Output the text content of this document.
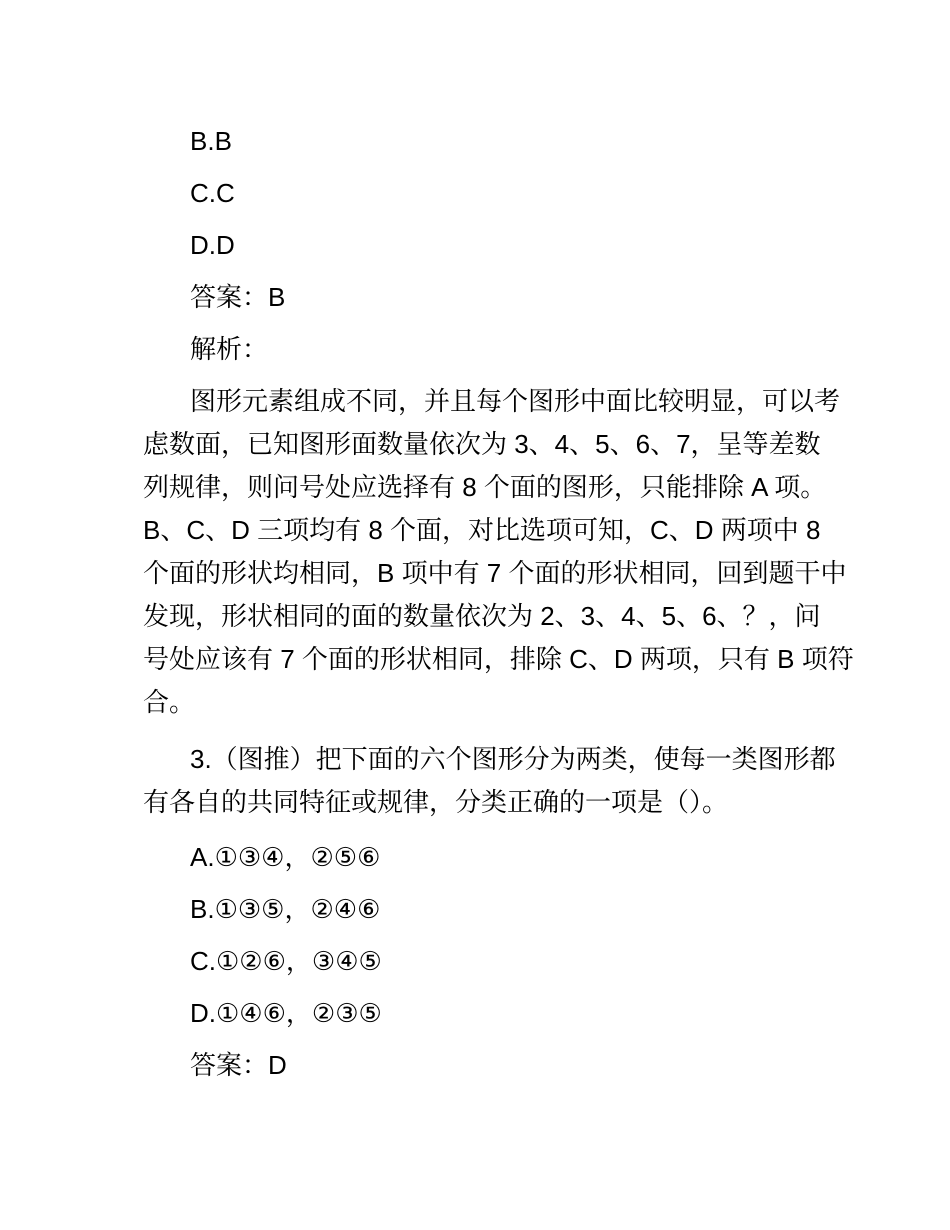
B.B

C.C

D.D

答案：B

解析：

图形元素组成不同，并且每个图形中面比较明显，可以考
虑数面，已知图形面数量依次为 3、4、5、6、7，呈等差数
列规律，则问号处应选择有 8 个面的图形，只能排除 A 项。
B、C、D 三项均有 8 个面，对比选项可知，C、D 两项中 8
个面的形状均相同，B 项中有 7 个面的形状相同，回到题干中
发现，形状相同的面的数量依次为 2、3、4、5、6、？，问
号处应该有 7 个面的形状相同，排除 C、D 两项，只有 B 项符
合。
3.（图推）把下面的六个图形分为两类，使每一类图形都
有各自的共同特征或规律，分类正确的一项是（）。

A.①③④，②⑤⑥

B.①③⑤，②④⑥

C.①②⑥，③④⑤

D.①④⑥，②③⑤

答案：D
